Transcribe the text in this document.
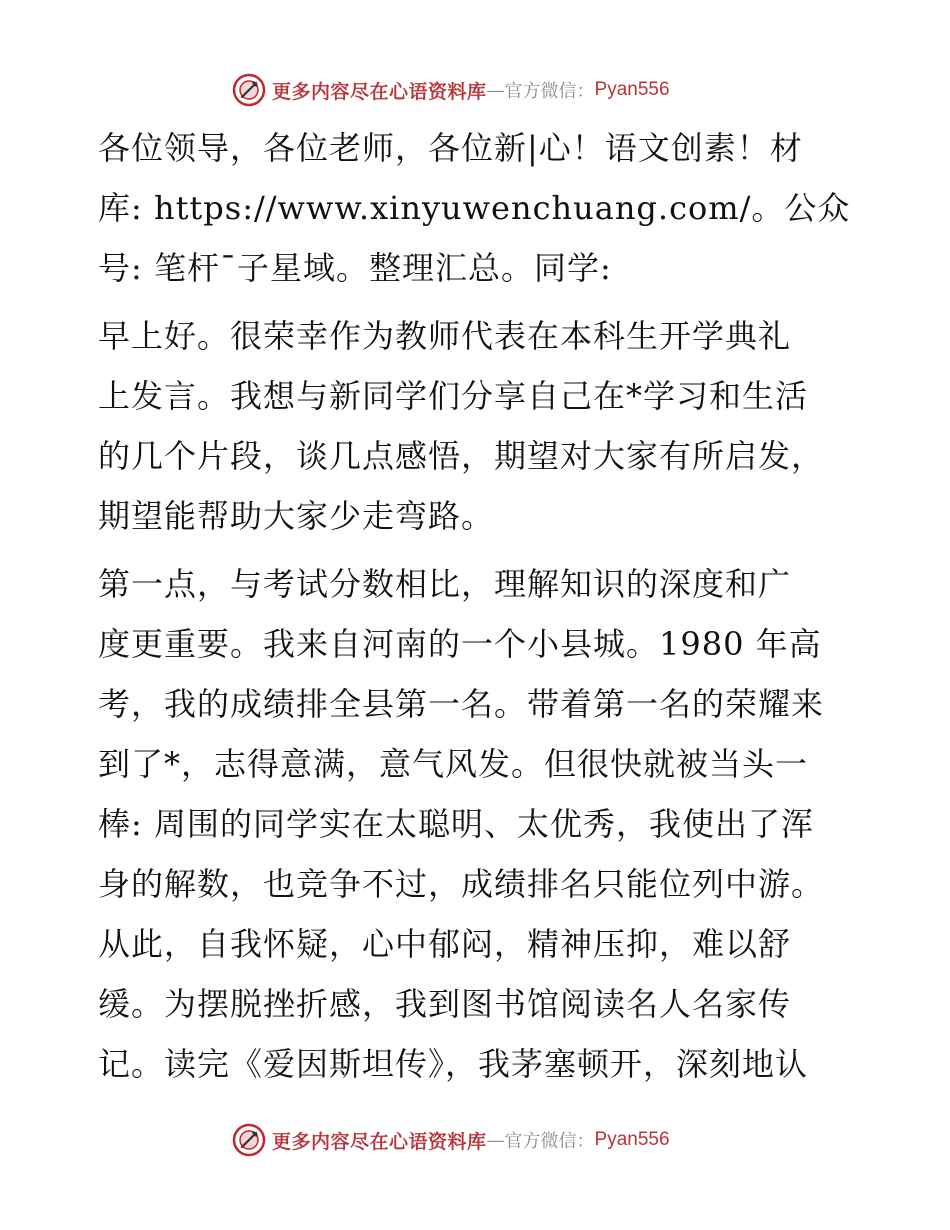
更多内容尽在心语资料库 — 官方微信： Pyan556
各位领导，各位老师，各位新|心！语文创素！材
库: https://www.xinyuwenchuang.com/。公众
号: 笔杆¯子星域。整理汇总。同学:
早上好。很荣幸作为教师代表在本科生开学典礼
上发言。我想与新同学们分享自己在*学习和生活
的几个片段，谈几点感悟，期望对大家有所启发，
期望能帮助大家少走弯路。
第一点，与考试分数相比，理解知识的深度和广
度更重要。我来自河南的一个小县城。1980 年高
考，我的成绩排全县第一名。带着第一名的荣耀来
到了*，志得意满，意气风发。但很快就被当头一
棒: 周围的同学实在太聪明、太优秀，我使出了浑
身的解数，也竞争不过，成绩排名只能位列中游。
从此，自我怀疑，心中郁闷，精神压抑，难以舒
缓。为摆脱挫折感，我到图书馆阅读名人名家传
记。读完《爱因斯坦传》，我茅塞顿开，深刻地认
更多内容尽在心语资料库 — 官方微信： Pyan556
